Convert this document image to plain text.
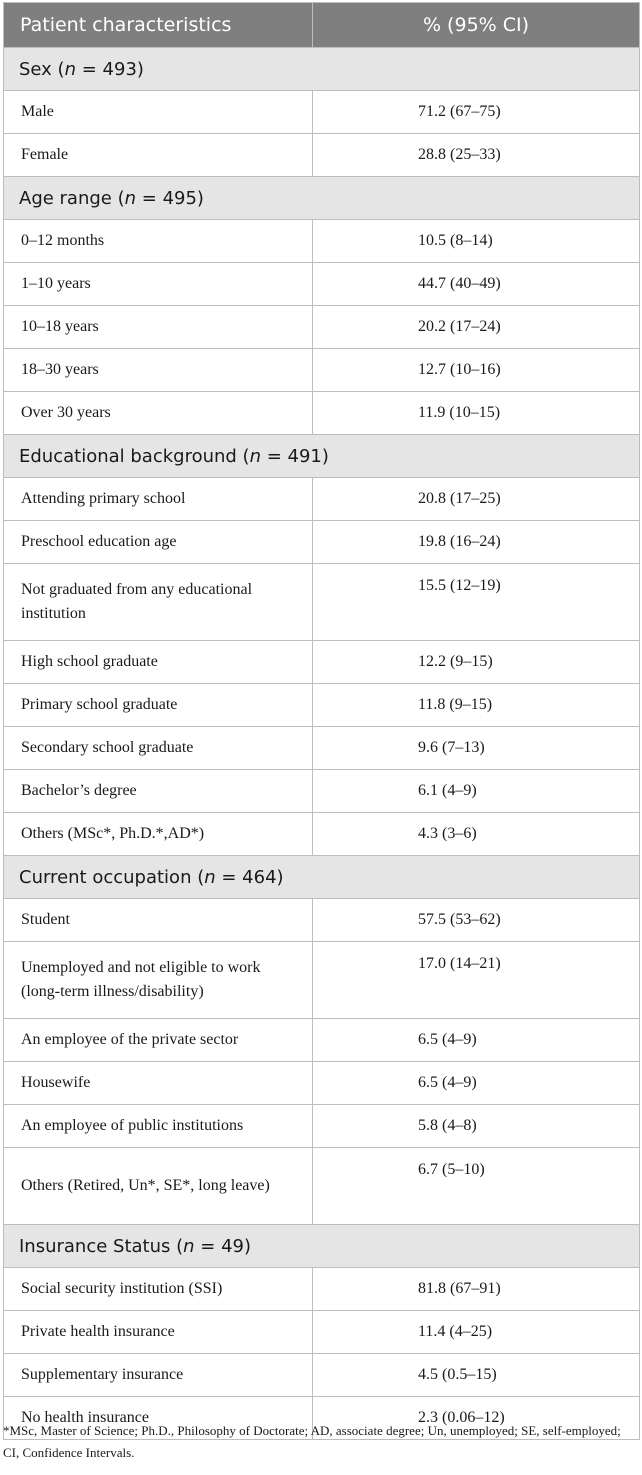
Patient characteristics	% (95% CI)
Sex (n = 493)	
Male	71.2 (67–75)
Female	28.8 (25–33)
Age range (n = 495)	
0–12 months	10.5 (8–14)
1–10 years	44.7 (40–49)
10–18 years	20.2 (17–24)
18–30 years	12.7 (10–16)
Over 30 years	11.9 (10–15)
Educational background (n = 491)	
Attending primary school	20.8 (17–25)
Preschool education age	19.8 (16–24)
Not graduated from any educational institution	15.5 (12–19)
High school graduate	12.2 (9–15)
Primary school graduate	11.8 (9–15)
Secondary school graduate	9.6 (7–13)
Bachelor’s degree	6.1 (4–9)
Others (MSc*, Ph.D.*,AD*)	4.3 (3–6)
Current occupation (n = 464)	
Student	57.5 (53–62)
Unemployed and not eligible to work (long-term illness/disability)	17.0 (14–21)
An employee of the private sector	6.5 (4–9)
Housewife	6.5 (4–9)
An employee of public institutions	5.8 (4–8)
Others (Retired, Un*, SE*, long leave)	6.7 (5–10)
Insurance Status (n = 49)	
Social security institution (SSI)	81.8 (67–91)
Private health insurance	11.4 (4–25)
Supplementary insurance	4.5 (0.5–15)
No health insurance	2.3 (0.06–12)
*MSc, Master of Science; Ph.D., Philosophy of Doctorate; AD, associate degree; Un, unemployed; SE, self-employed; CI, Confidence Intervals.
